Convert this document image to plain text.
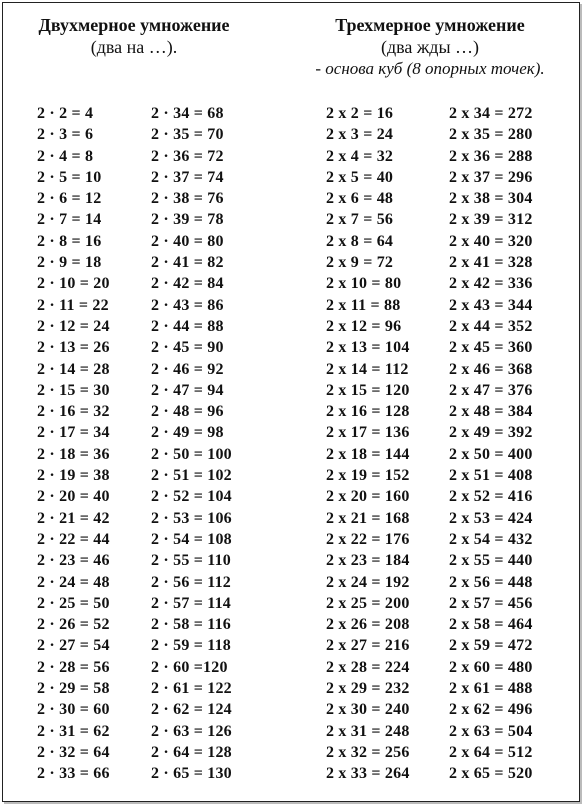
Двухмерное умножение
(два на …).
Трехмерное умножение
(два жды …)
- основа куб (8 опорных точек).
2 · 2 = 4
2 · 3 = 6
2 · 4 = 8
2 · 5 = 10
2 · 6 = 12
2 · 7 = 14
2 · 8 = 16
2 · 9 = 18
2 · 10 = 20
2 · 11 = 22
2 · 12 = 24
2 · 13 = 26
2 · 14 = 28
2 · 15 = 30
2 · 16 = 32
2 · 17 = 34
2 · 18 = 36
2 · 19 = 38
2 · 20 = 40
2 · 21 = 42
2 · 22 = 44
2 · 23 = 46
2 · 24 = 48
2 · 25 = 50
2 · 26 = 52
2 · 27 = 54
2 · 28 = 56
2 · 29 = 58
2 · 30 = 60
2 · 31 = 62
2 · 32 = 64
2 · 33 = 66
2 · 34 = 68
2 · 35 = 70
2 · 36 = 72
2 · 37 = 74
2 · 38 = 76
2 · 39 = 78
2 · 40 = 80
2 · 41 = 82
2 · 42 = 84
2 · 43 = 86
2 · 44 = 88
2 · 45 = 90
2 · 46 = 92
2 · 47 = 94
2 · 48 = 96
2 · 49 = 98
2 · 50 = 100
2 · 51 = 102
2 · 52 = 104
2 · 53 = 106
2 · 54 = 108
2 · 55 = 110
2 · 56 = 112
2 · 57 = 114
2 · 58 = 116
2 · 59 = 118
2 · 60 =120
2 · 61 = 122
2 · 62 = 124
2 · 63 = 126
2 · 64 = 128
2 · 65 = 130
2 x 2 = 16
2 x 3 = 24
2 x 4 = 32
2 x 5 = 40
2 x 6 = 48
2 x 7 = 56
2 x 8 = 64
2 x 9 = 72
2 x 10 = 80
2 x 11 = 88
2 x 12 = 96
2 x 13 = 104
2 x 14 = 112
2 x 15 = 120
2 x 16 = 128
2 x 17 = 136
2 x 18 = 144
2 x 19 = 152
2 x 20 = 160
2 x 21 = 168
2 x 22 = 176
2 x 23 = 184
2 x 24 = 192
2 x 25 = 200
2 x 26 = 208
2 x 27 = 216
2 x 28 = 224
2 x 29 = 232
2 x 30 = 240
2 x 31 = 248
2 x 32 = 256
2 x 33 = 264
2 x 34 = 272
2 x 35 = 280
2 x 36 = 288
2 x 37 = 296
2 x 38 = 304
2 x 39 = 312
2 x 40 = 320
2 x 41 = 328
2 x 42 = 336
2 x 43 = 344
2 x 44 = 352
2 x 45 = 360
2 x 46 = 368
2 x 47 = 376
2 x 48 = 384
2 x 49 = 392
2 x 50 = 400
2 x 51 = 408
2 x 52 = 416
2 x 53 = 424
2 x 54 = 432
2 x 55 = 440
2 x 56 = 448
2 x 57 = 456
2 x 58 = 464
2 x 59 = 472
2 x 60 = 480
2 x 61 = 488
2 x 62 = 496
2 x 63 = 504
2 x 64 = 512
2 x 65 = 520
